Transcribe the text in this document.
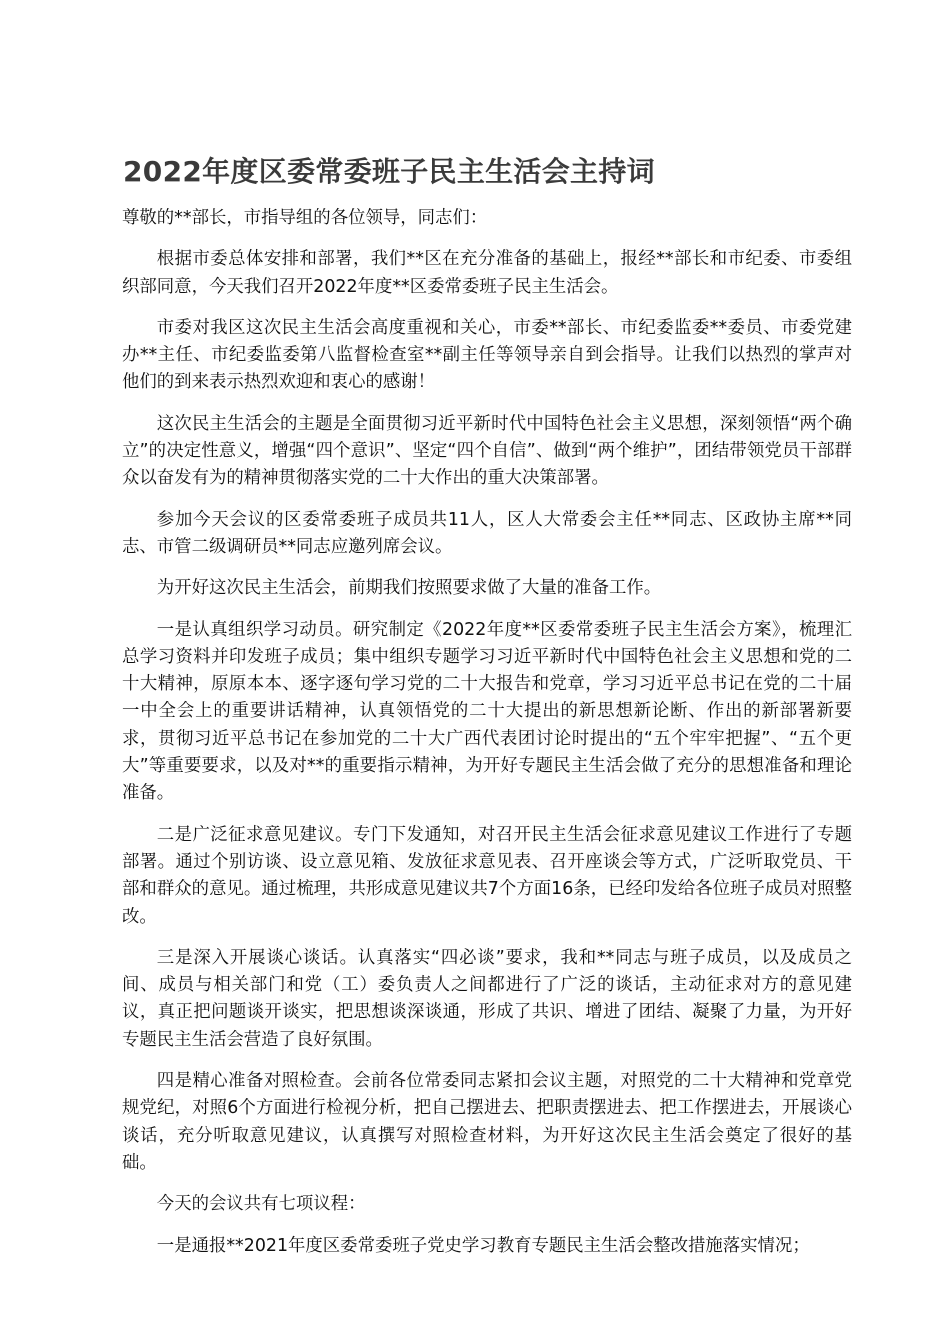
2022年度区委常委班子民主生活会主持词

尊敬的**部长，市指导组的各位领导，同志们：

根据市委总体安排和部署，我们**区在充分准备的基础上，报经**部长和市纪委、市委组织部同意，今天我们召开2022年度**区委常委班子民主生活会。

市委对我区这次民主生活会高度重视和关心，市委**部长、市纪委监委**委员、市委党建办**主任、市纪委监委第八监督检查室**副主任等领导亲自到会指导。让我们以热烈的掌声对他们的到来表示热烈欢迎和衷心的感谢！

这次民主生活会的主题是全面贯彻习近平新时代中国特色社会主义思想，深刻领悟“两个确立”的决定性意义，增强“四个意识”、坚定“四个自信”、做到“两个维护”，团结带领党员干部群众以奋发有为的精神贯彻落实党的二十大作出的重大决策部署。

参加今天会议的区委常委班子成员共11人，区人大常委会主任**同志、区政协主席**同志、市管二级调研员**同志应邀列席会议。

为开好这次民主生活会，前期我们按照要求做了大量的准备工作。

一是认真组织学习动员。研究制定《2022年度**区委常委班子民主生活会方案》，梳理汇总学习资料并印发班子成员；集中组织专题学习习近平新时代中国特色社会主义思想和党的二十大精神，原原本本、逐字逐句学习党的二十大报告和党章，学习习近平总书记在党的二十届一中全会上的重要讲话精神，认真领悟党的二十大提出的新思想新论断、作出的新部署新要求，贯彻习近平总书记在参加党的二十大广西代表团讨论时提出的“五个牢牢把握”、“五个更大”等重要要求，以及对**的重要指示精神，为开好专题民主生活会做了充分的思想准备和理论准备。

二是广泛征求意见建议。专门下发通知，对召开民主生活会征求意见建议工作进行了专题部署。通过个别访谈、设立意见箱、发放征求意见表、召开座谈会等方式，广泛听取党员、干部和群众的意见。通过梳理，共形成意见建议共7个方面16条，已经印发给各位班子成员对照整改。

三是深入开展谈心谈话。认真落实“四必谈”要求，我和**同志与班子成员，以及成员之间、成员与相关部门和党（工）委负责人之间都进行了广泛的谈话，主动征求对方的意见建议，真正把问题谈开谈实，把思想谈深谈通，形成了共识、增进了团结、凝聚了力量，为开好专题民主生活会营造了良好氛围。

四是精心准备对照检查。会前各位常委同志紧扣会议主题，对照党的二十大精神和党章党规党纪，对照6个方面进行检视分析，把自己摆进去、把职责摆进去、把工作摆进去，开展谈心谈话，充分听取意见建议，认真撰写对照检查材料，为开好这次民主生活会奠定了很好的基础。

今天的会议共有七项议程：

一是通报**2021年度区委常委班子党史学习教育专题民主生活会整改措施落实情况；
